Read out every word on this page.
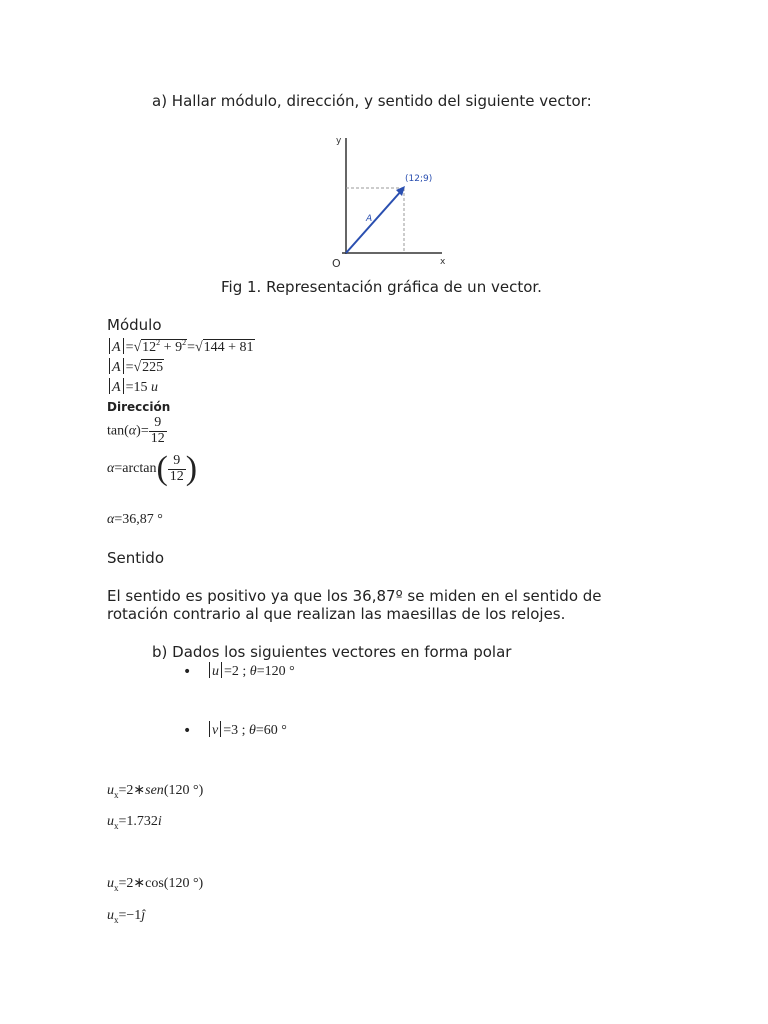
a) Hallar módulo, dirección, y sentido del siguiente vector:
y
x
O
(12;9)
A
Fig 1. Representación gráfica de un vector.
Módulo
$A =√12^2 + 9^2=√144 + 81$
A =√225
A =15 u
Dirección
$\tan(\alpha)= \frac{9}{12}$
$\alpha=\arctan( \frac{9}{12}$ )
α=36,87 °
Sentido
El sentido es positivo ya que los 36,87º se miden en el sentido de
rotación contrario al que realizan las maesillas de los relojes.
b) Dados los siguientes vectores en forma polar
•	u =2 ; θ=120 °
•	v =3 ; θ=60 °
$u_x=2∗sen(120$ °)
$u_x=1.732i$
$u_x=2∗\cos(120$ °)
$u_x=-1ĵ$
